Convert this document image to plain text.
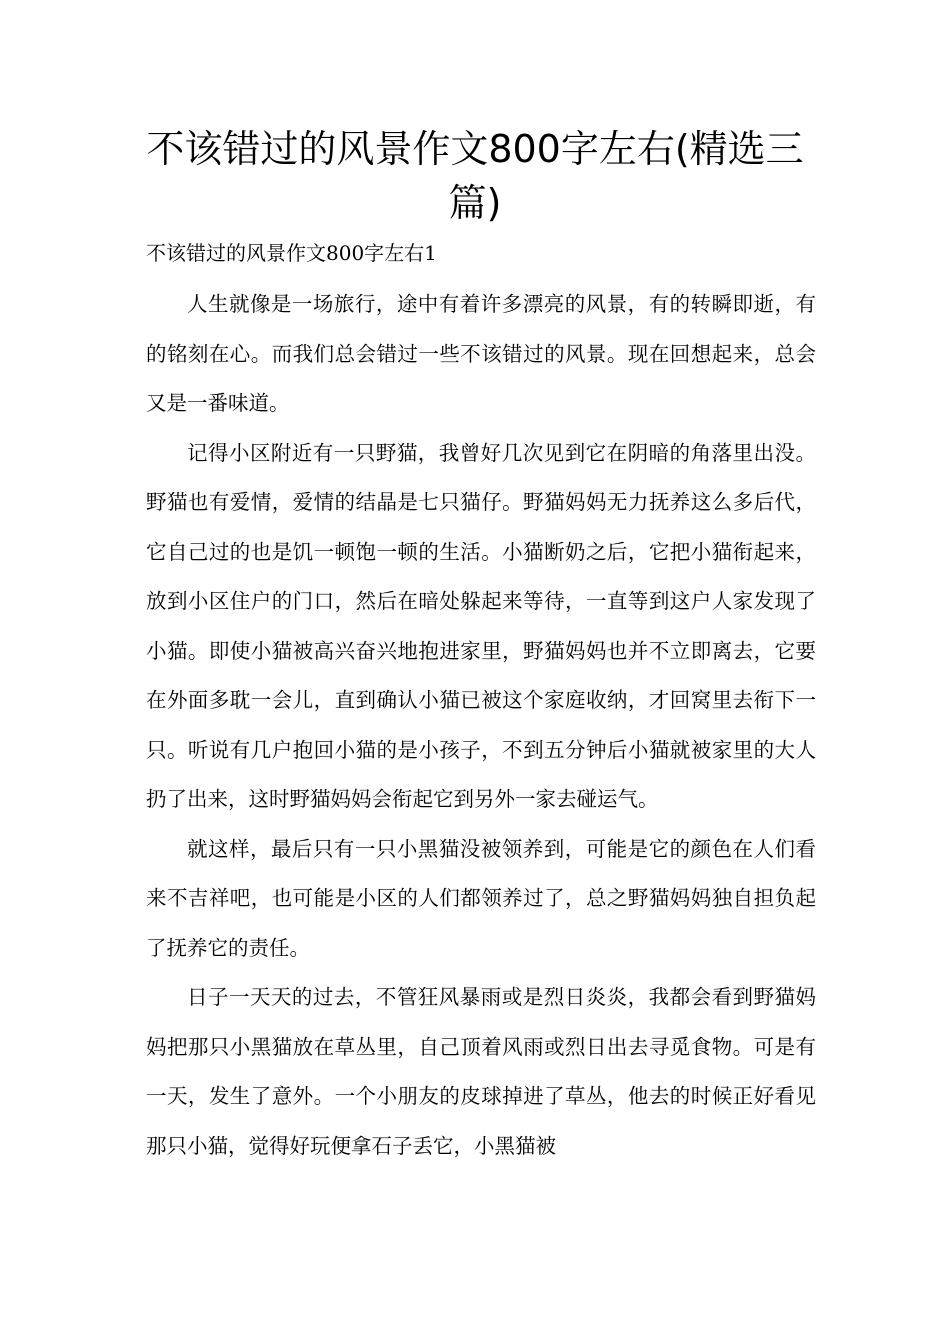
不该错过的风景作文800字左右(精选三篇)
不该错过的风景作文800字左右1

人生就像是一场旅行，途中有着许多漂亮的风景，有的转瞬即逝，有的铭刻在心。而我们总会错过一些不该错过的风景。现在回想起来，总会又是一番味道。

记得小区附近有一只野猫，我曾好几次见到它在阴暗的角落里出没。野猫也有爱情，爱情的结晶是七只猫仔。野猫妈妈无力抚养这么多后代，它自己过的也是饥一顿饱一顿的生活。小猫断奶之后，它把小猫衔起来，放到小区住户的门口，然后在暗处躲起来等待，一直等到这户人家发现了小猫。即使小猫被高兴奋兴地抱进家里，野猫妈妈也并不立即离去，它要在外面多耽一会儿，直到确认小猫已被这个家庭收纳，才回窝里去衔下一只。听说有几户抱回小猫的是小孩子，不到五分钟后小猫就被家里的大人扔了出来，这时野猫妈妈会衔起它到另外一家去碰运气。

就这样，最后只有一只小黑猫没被领养到，可能是它的颜色在人们看来不吉祥吧，也可能是小区的人们都领养过了，总之野猫妈妈独自担负起了抚养它的责任。

日子一天天的过去，不管狂风暴雨或是烈日炎炎，我都会看到野猫妈妈把那只小黑猫放在草丛里，自己顶着风雨或烈日出去寻觅食物。可是有一天，发生了意外。一个小朋友的皮球掉进了草丛，他去的时候正好看见那只小猫，觉得好玩便拿石子丢它，小黑猫被
